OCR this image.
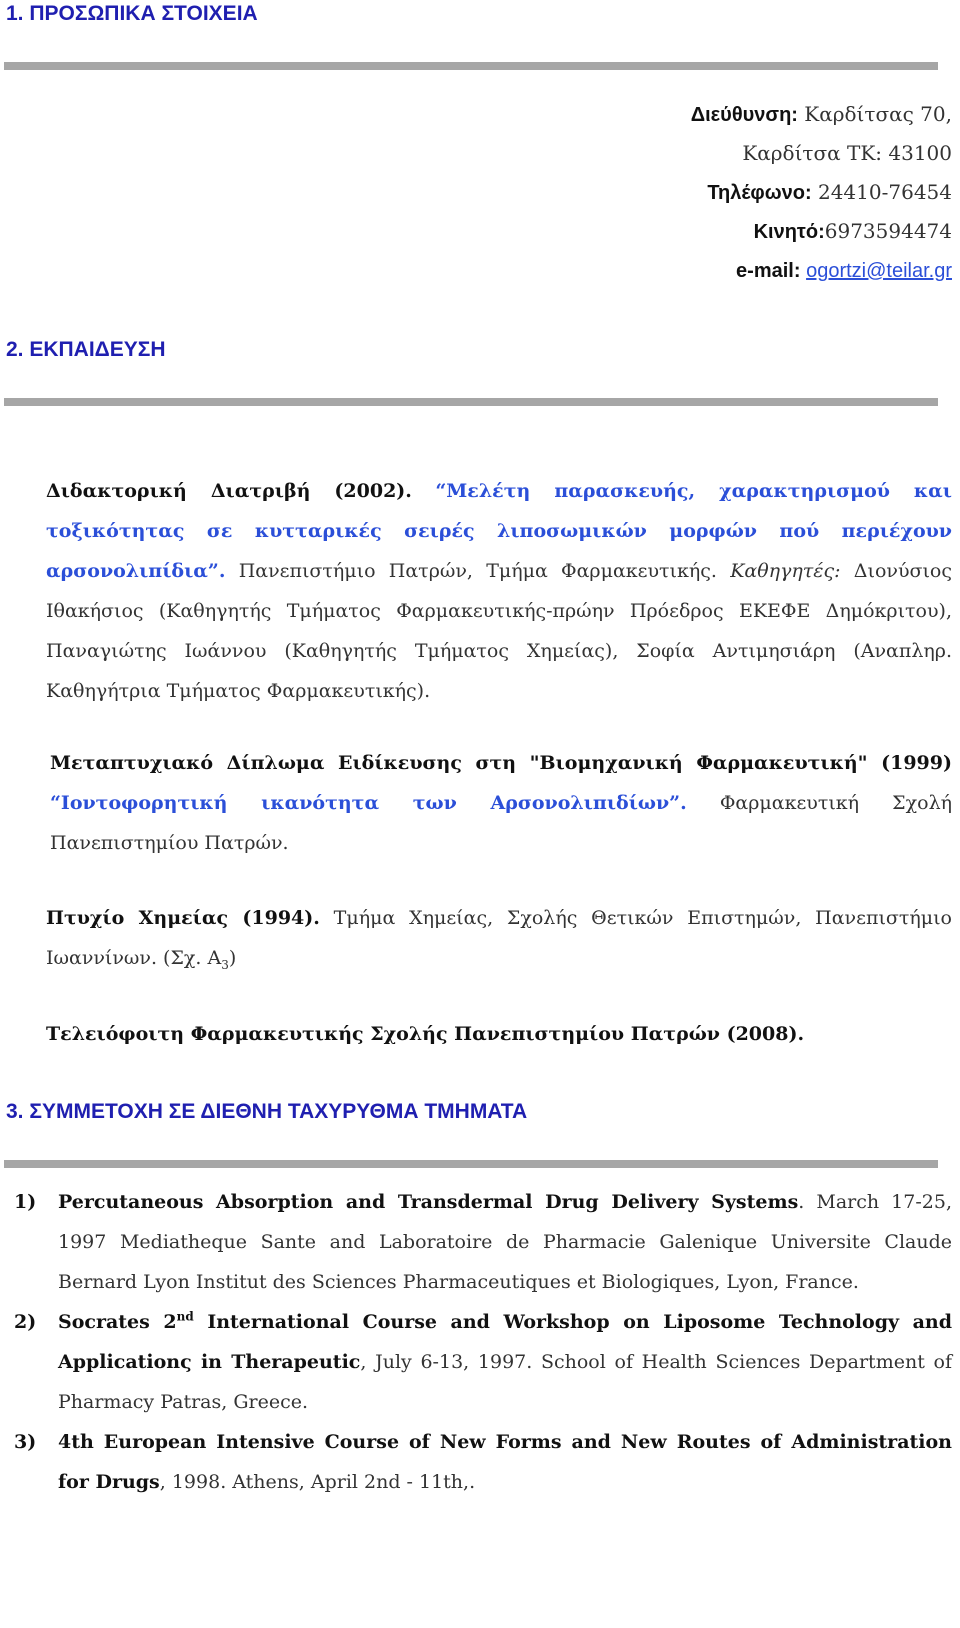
1. ΠΡΟΣΩΠΙΚΑ ΣΤΟΙΧΕΙΑ
Διεύθυνση: Καρδίτσας 70,
Καρδίτσα ΤΚ: 43100
Τηλέφωνο: 24410-76454
Κινητό:6973594474
e-mail: ogortzi@teilar.gr
2. ΕΚΠΑΙΔΕΥΣΗ
Διδακτορική Διατριβή (2002). “Μελέτη παρασκευής, χαρακτηρισμού και τοξικότητας σε κυτταρικές σειρές λιποσωμικών μορφών πού περιέχουν αρσονολιπίδια”. Πανεπιστήμιο Πατρών, Τμήμα Φαρμακευτικής. Καθηγητές: Διονύσιος Ιθακήσιος (Καθηγητής Τμήματος Φαρμακευτικής-πρώην Πρόεδρος ΕΚΕΦΕ Δημόκριτου), Παναγιώτης Ιωάννου (Καθηγητής Τμήματος Χημείας), Σοφία Αντιμησιάρη (Αναπληρ. Καθηγήτρια Τμήματος Φαρμακευτικής).
Μεταπτυχιακό Δίπλωμα Ειδίκευσης στη "Βιομηχανική Φαρμακευτική" (1999) “Ιοντοφορητική ικανότητα των Αρσονολιπιδίων”. Φαρμακευτική Σχολή Πανεπιστημίου Πατρών.
Πτυχίο Χημείας (1994). Τμήμα Χημείας, Σχολής Θετικών Επιστημών, Πανεπιστήμιο Ιωαννίνων. (Σχ. $A_3$)
Τελειόφοιτη Φαρμακευτικής Σχολής Πανεπιστημίου Πατρών (2008).
3. ΣΥΜΜΕΤΟΧΗ ΣΕ ΔΙΕΘΝΗ ΤΑΧΥΡΥΘΜΑ ΤΜΗΜΑΤΑ
1)	Percutaneous Absorption and Transdermal Drug Delivery Systems. March 17-25, 1997 Mediatheque Sante and Laboratoire de Pharmacie Galenique Universite Claude Bernard Lyon Institut des Sciences Pharmaceutiques et Biologiques, Lyon, France.
2)	Socrates 2nd International Course and Workshop on Liposome Technology and Applicationς in Therapeutic, July 6-13, 1997. School of Health Sciences Department of Pharmacy Patras, Greece.
3)	4th European Intensive Course of New Forms and New Routes of Administration for Drugs, 1998. Athens, April 2nd - 11th,.
